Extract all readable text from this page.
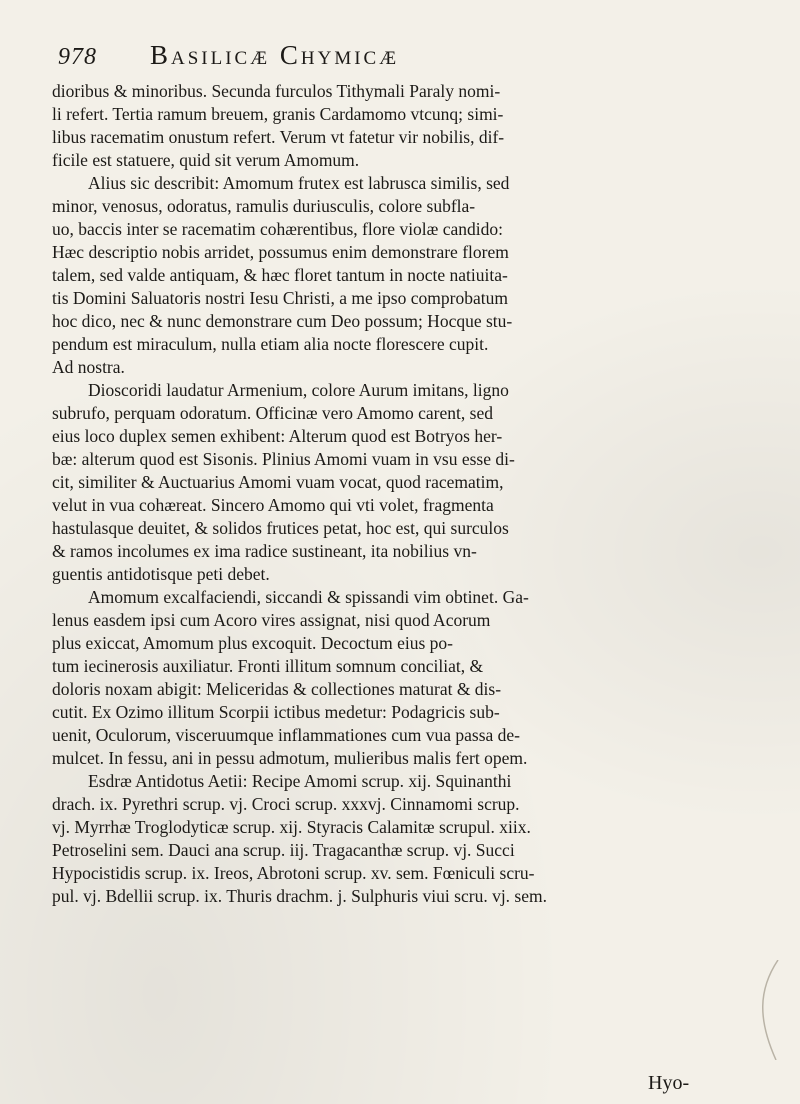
978 Basilicæ Chymicæ
dioribus & minoribus. Secunda furculos Tithymali Paraly nomi-
li refert. Tertia ramum breuem, granis Cardamomo vtcunq; simi-
libus racematim onustum refert. Verum vt fatetur vir nobilis, dif-
ficile est statuere, quid sit verum Amomum.
Alius sic describit: Amomum frutex est labrusca similis, sed
minor, venosus, odoratus, ramulis duriusculis, colore subfla-
uo, baccis inter se racematim cohærentibus, flore violæ candido:
Hæc descriptio nobis arridet, possumus enim demonstrare florem
talem, sed valde antiquam, & hæc floret tantum in nocte natiuita-
tis Domini Saluatoris nostri Iesu Christi, a me ipso comprobatum
hoc dico, nec & nunc demonstrare cum Deo possum; Hocque stu-
pendum est miraculum, nulla etiam alia nocte florescere cupit.
Ad nostra.
Dioscoridi laudatur Armenium, colore Aurum imitans, ligno
subrufo, perquam odoratum. Officinæ vero Amomo carent, sed
eius loco duplex semen exhibent: Alterum quod est Botryos her-
bæ: alterum quod est Sisonis. Plinius Amomi vuam in vsu esse di-
cit, similiter & Auctuarius Amomi vuam vocat, quod racematim,
velut in vua cohæreat. Sincero Amomo qui vti volet, fragmenta
hastulasque deuitet, & solidos frutices petat, hoc est, qui surculos
& ramos incolumes ex ima radice sustineant, ita nobilius vn-
guentis antidotisque peti debet.
Amomum excalfaciendi, siccandi & spissandi vim obtinet. Ga-
lenus easdem ipsi cum Acoro vires assignat, nisi quod Acorum
plus exiccat, Amomum plus excoquit. Decoctum eius po-
tum iecinerosis auxiliatur. Fronti illitum somnum conciliat, &
doloris noxam abigit: Meliceridas & collectiones maturat & dis-
cutit. Ex Ozimo illitum Scorpii ictibus medetur: Podagricis sub-
uenit, Oculorum, visceruumque inflammationes cum vua passa de-
mulcet. In fessu, ani in pessu admotum, mulieribus malis fert opem.
Esdræ Antidotus Aetii: Recipe Amomi scrup. xij. Squinanthi
drach. ix. Pyrethri scrup. vj. Croci scrup. xxxvj. Cinnamomi scrup.
vj. Myrrhæ Troglodyticæ scrup. xij. Styracis Calamitæ scrupul. xiix.
Petroselini sem. Dauci ana scrup. iij. Tragacanthæ scrup. vj. Succi
Hypocistidis scrup. ix. Ireos, Abrotoni scrup. xv. sem. Fœniculi scru-
pul. vj. Bdellii scrup. ix. Thuris drachm. j. Sulphuris viui scru. vj. sem.
Hyo-
